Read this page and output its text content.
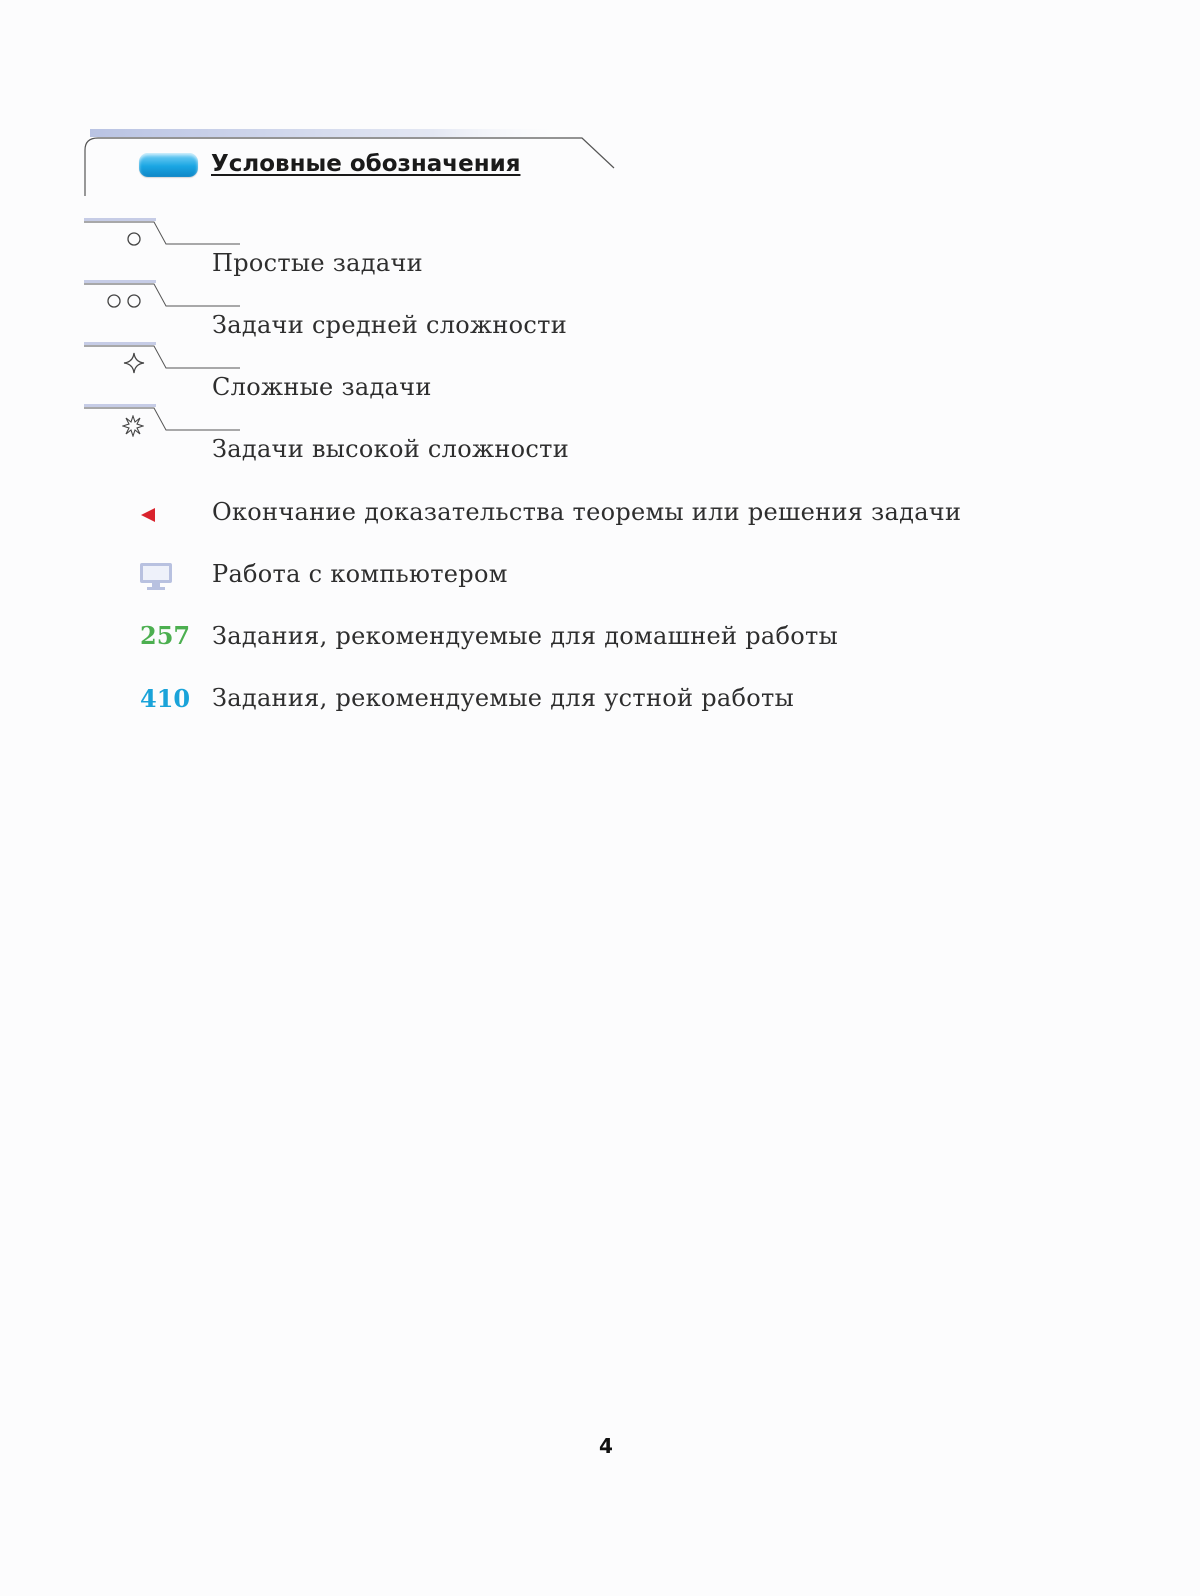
Условные обозначения
Простые задачи
Задачи средней сложности
Сложные задачи
Задачи высокой сложности
Окончание доказательства теоремы или решения задачи
Работа с компьютером
257 Задания, рекомендуемые для домашней работы
410 Задания, рекомендуемые для устной работы
4
